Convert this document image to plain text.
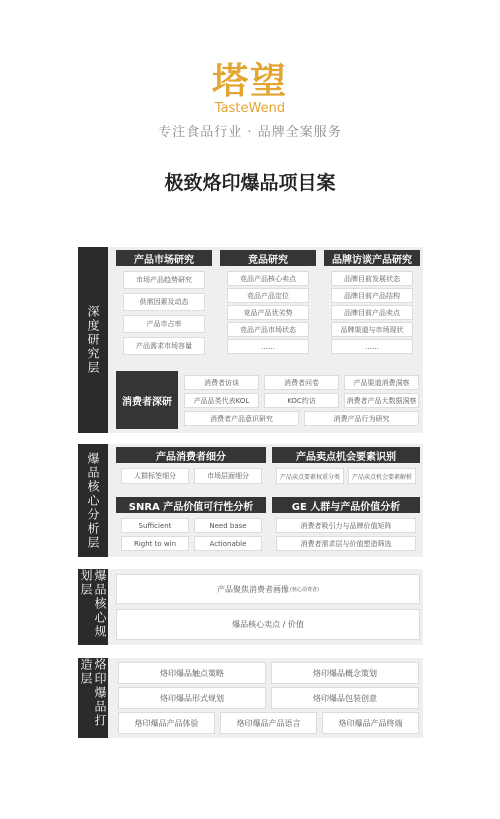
塔望
TasteWend
专注食品行业 · 品牌全案服务
极致烙印爆品项目案
深度研究层
产品市场研究
市场产品趋势研究
供需因素及动态
产品市占率
产品需求市场容量
竞品研究
竞品产品核心卖点
竞品产品定位
竞品产品优劣势
竞品产品市场状态
……
品牌访谈产品研究
品牌目前发展状态
品牌目前产品结构
品牌目前产品卖点
品牌渠道与市场现状
……
消费者深研
消费者访谈	消费者问卷	产品渠道消费洞察
产品品类代表KOL	KOC约访	消费者产品大数据洞察
消费者产品意识研究	消费产品行为研究
爆品核心分析层	产品消费者细分
人群标签细分	市场层面细分
产品卖点机会要素识别
产品卖点要素权重分类	产品卖点机会要素解析
SNRA 产品价值可行性分析
Sufficient	Need base
Right to win	Actionable
GE 人群与产品价值分析
消费者吸引力与品牌价值矩阵
消费者需求层与价值塑造筛选
爆品核心规划层	产品聚焦消费者画像 (核心消费者)
爆品核心卖点 / 价值
烙印爆品打造层	烙印爆品触点策略	烙印爆品概念策划
烙印爆品形式规划	烙印爆品包装创意
烙印爆品产品体验	烙印爆品产品语言	烙印爆品产品终端
